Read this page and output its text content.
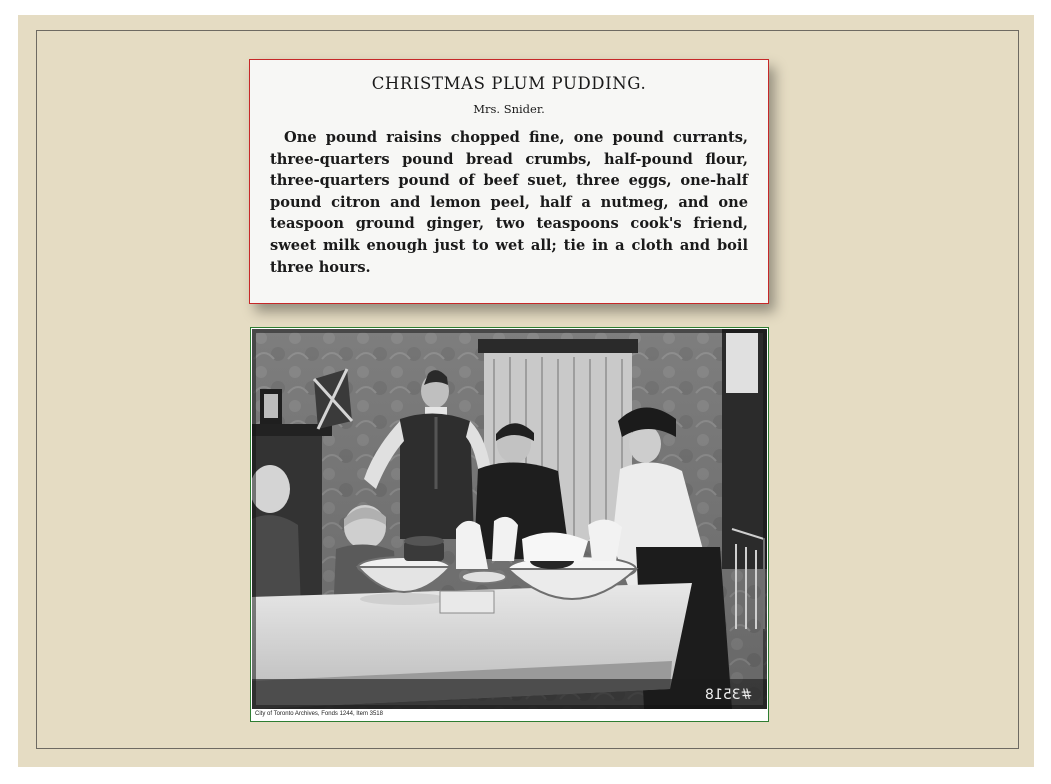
CHRISTMAS PLUM PUDDING.
Mrs. Snider.

One pound raisins chopped fine, one pound currants, three-quarters pound bread crumbs, half-pound flour, three-quarters pound of beef suet, three eggs, one-half pound citron and lemon peel, half a nutmeg, and one teaspoon ground ginger, two teaspoons cook's friend, sweet milk enough just to wet all; tie in a cloth and boil three hours.

#3518
City of Toronto Archives, Fonds 1244, Item 3518
